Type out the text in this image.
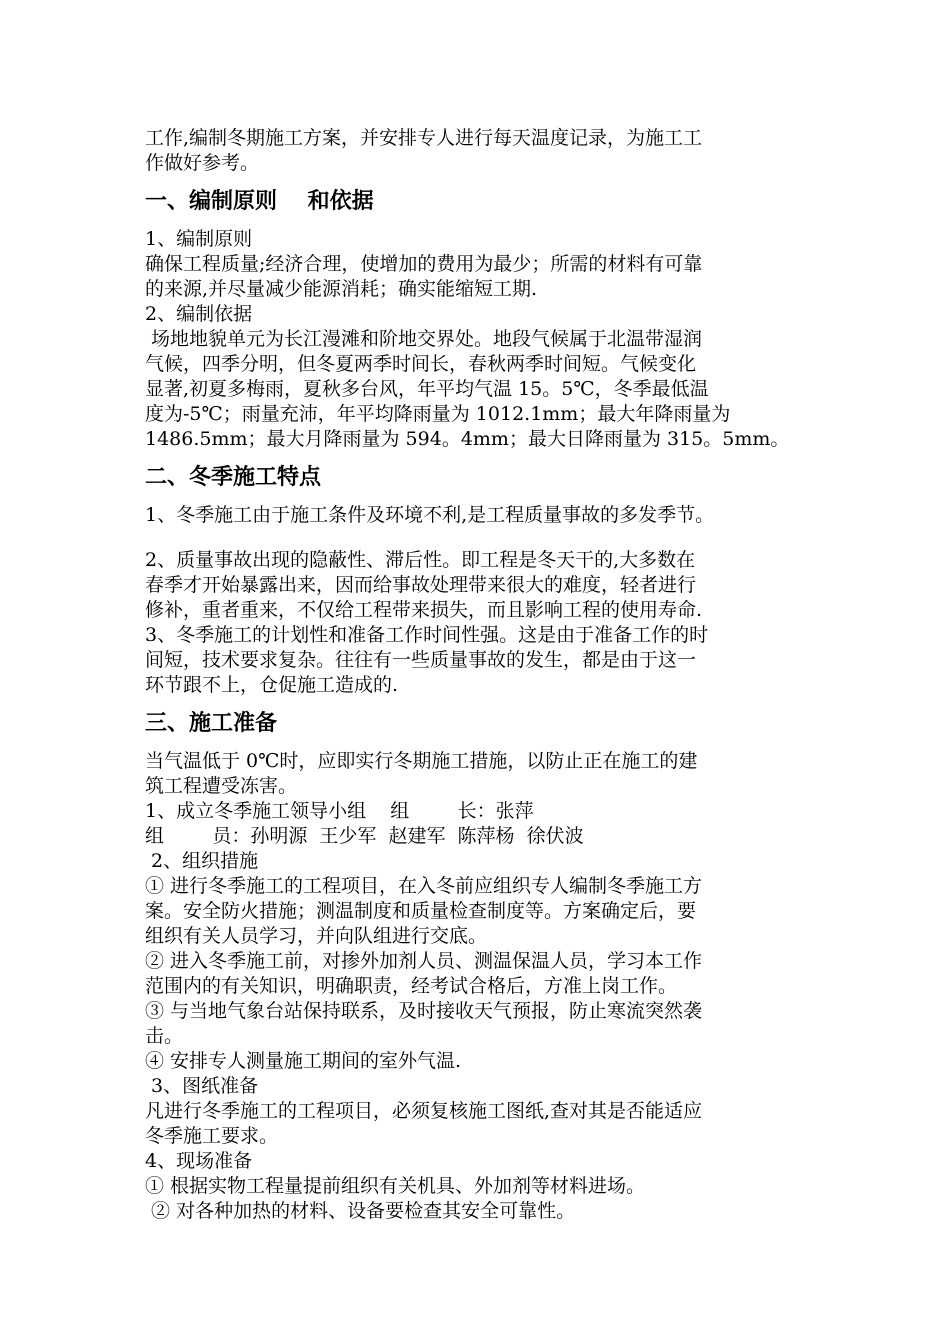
工作,编制冬期施工方案，并安排专人进行每天温度记录，为施工工
作做好参考。
一、编制原则    和依据
1、编制原则
确保工程质量;经济合理，使增加的费用为最少；所需的材料有可靠
的来源,并尽量减少能源消耗；确实能缩短工期.
2、编制依据
场地地貌单元为长江漫滩和阶地交界处。地段气候属于北温带湿润
气候，四季分明，但冬夏两季时间长，春秋两季时间短。气候变化
显著,初夏多梅雨，夏秋多台风，年平均气温 15。5℃，冬季最低温
度为-5℃；雨量充沛，年平均降雨量为 1012.1mm；最大年降雨量为
1486.5mm；最大月降雨量为 594。4mm；最大日降雨量为 315。5mm。
二、冬季施工特点
1、冬季施工由于施工条件及环境不利,是工程质量事故的多发季节。
2、质量事故出现的隐蔽性、滞后性。即工程是冬天干的,大多数在
春季才开始暴露出来，因而给事故处理带来很大的难度，轻者进行
修补，重者重来，不仅给工程带来损失，而且影响工程的使用寿命.
3、冬季施工的计划性和准备工作时间性强。这是由于准备工作的时
间短，技术要求复杂。往往有一些质量事故的发生，都是由于这一
环节跟不上，仓促施工造成的.
三、施工准备
当气温低于 0℃时，应即实行冬期施工措施，以防止正在施工的建
筑工程遭受冻害。
1、成立冬季施工领导小组    组        长：张萍
组        员：孙明源  王少军  赵建军  陈萍杨  徐伏波
2、组织措施
① 进行冬季施工的工程项目，在入冬前应组织专人编制冬季施工方
案。安全防火措施；测温制度和质量检查制度等。方案确定后，要
组织有关人员学习，并向队组进行交底。
② 进入冬季施工前，对掺外加剂人员、测温保温人员，学习本工作
范围内的有关知识，明确职责，经考试合格后，方准上岗工作。
③ 与当地气象台站保持联系，及时接收天气预报，防止寒流突然袭
击。
④ 安排专人测量施工期间的室外气温.
3、图纸准备
凡进行冬季施工的工程项目，必须复核施工图纸,查对其是否能适应
冬季施工要求。
4、现场准备
① 根据实物工程量提前组织有关机具、外加剂等材料进场。
② 对各种加热的材料、设备要检查其安全可靠性。
